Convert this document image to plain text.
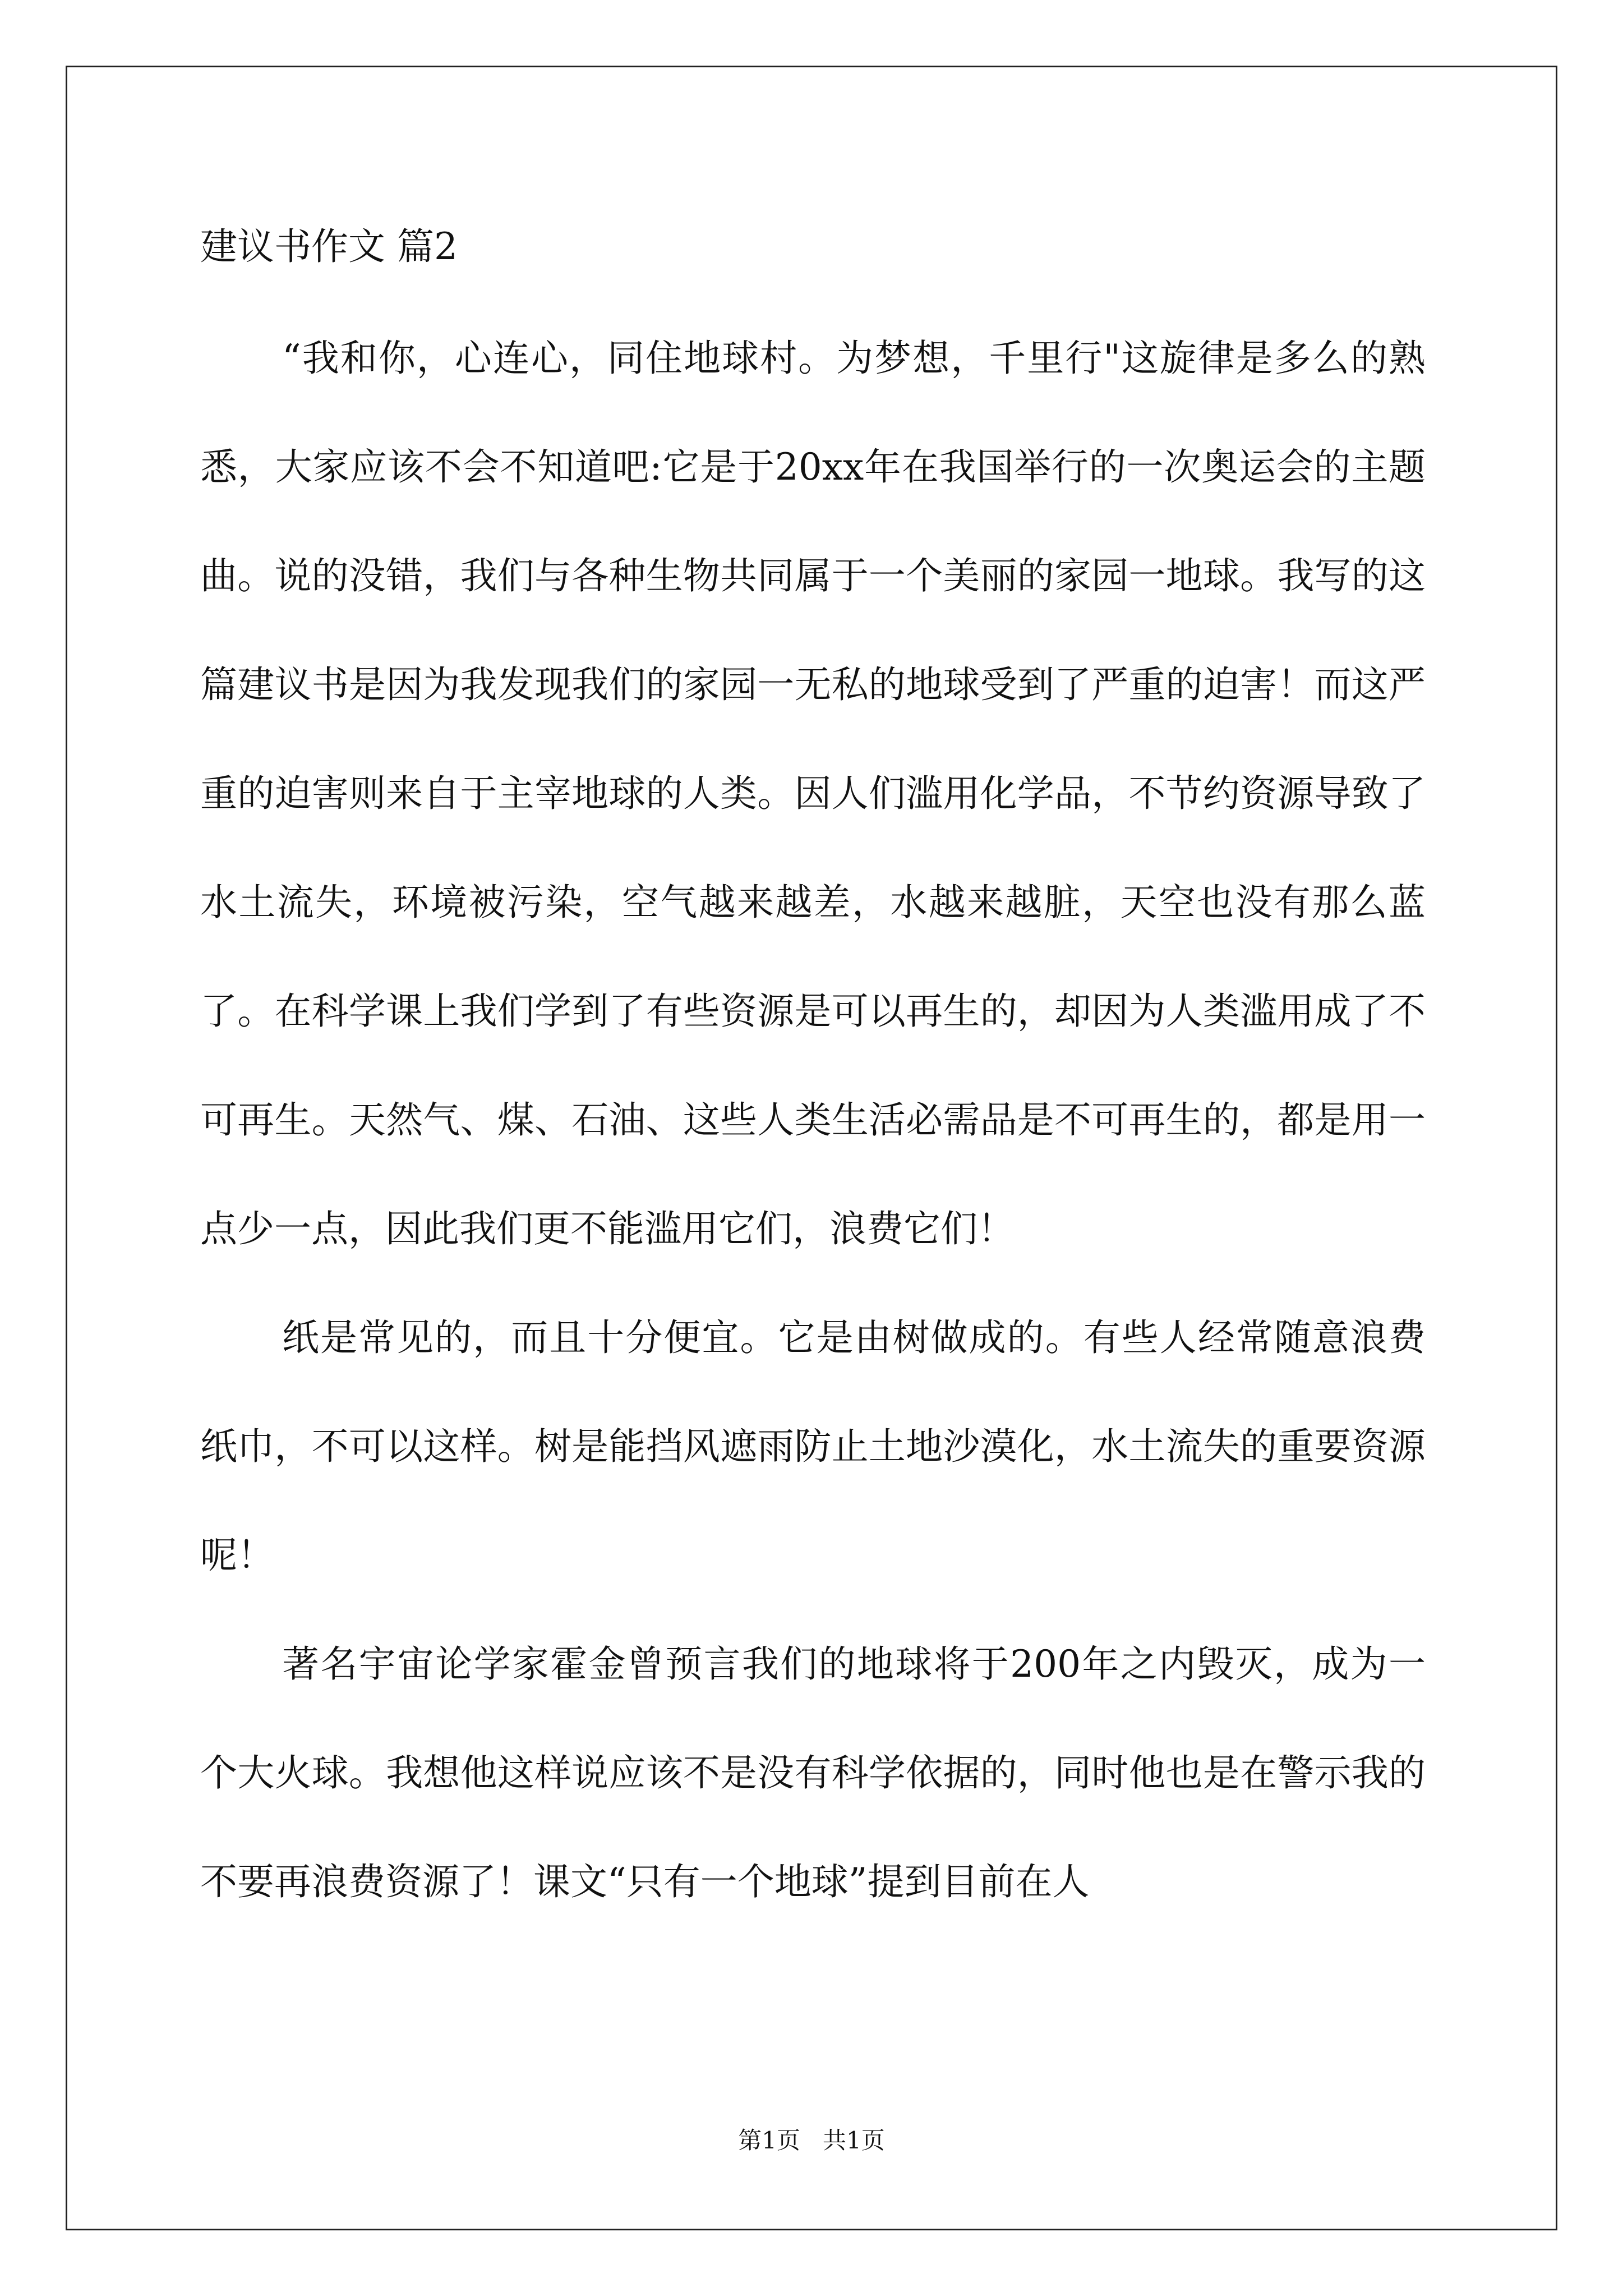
建议书作文 篇2

“我和你，心连心，同住地球村。为梦想，千里行"这旋律是多么的熟悉，大家应该不会不知道吧:它是于20xx年在我国举行的一次奥运会的主题曲。说的没错，我们与各种生物共同属于一个美丽的家园一地球。我写的这篇建议书是因为我发现我们的家园一无私的地球受到了严重的迫害！而这严重的迫害则来自于主宰地球的人类。因人们滥用化学品，不节约资源导致了水土流失，环境被污染，空气越来越差，水越来越脏，天空也没有那么蓝了。在科学课上我们学到了有些资源是可以再生的，却因为人类滥用成了不可再生。天然气、煤、石油、这些人类生活必需品是不可再生的，都是用一点少一点，因此我们更不能滥用它们，浪费它们！

纸是常见的，而且十分便宜。它是由树做成的。有些人经常随意浪费纸巾，不可以这样。树是能挡风遮雨防止土地沙漠化，水土流失的重要资源呢！

著名宇宙论学家霍金曾预言我们的地球将于200年之内毁灭，成为一个大火球。我想他这样说应该不是没有科学依据的，同时他也是在警示我的不要再浪费资源了！课文“只有一个地球”提到目前在人

第1页   共1页
